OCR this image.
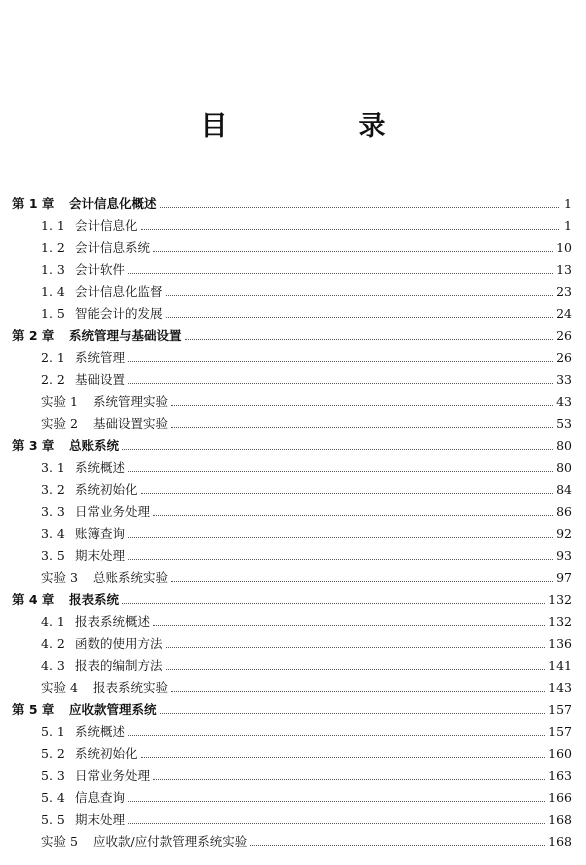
目　录
第 1 章	会计信息化概述	1
1. 1 会计信息化	1
1. 2 会计信息系统	10
1. 3 会计软件	13
1. 4 会计信息化监督	23
1. 5 智能会计的发展	24
第 2 章	系统管理与基础设置	26
2. 1 系统管理	26
2. 2 基础设置	33
实验 1	系统管理实验	43
实验 2	基础设置实验	53
第 3 章	总账系统	80
3. 1 系统概述	80
3. 2 系统初始化	84
3. 3 日常业务处理	86
3. 4 账簿查询	92
3. 5 期末处理	93
实验 3	总账系统实验	97
第 4 章	报表系统	132
4. 1 报表系统概述	132
4. 2 函数的使用方法	136
4. 3 报表的编制方法	141
实验 4	报表系统实验	143
第 5 章	应收款管理系统	157
5. 1 系统概述	157
5. 2 系统初始化	160
5. 3 日常业务处理	163
5. 4 信息查询	166
5. 5 期末处理	168
实验 5	应收款/应付款管理系统实验	168
